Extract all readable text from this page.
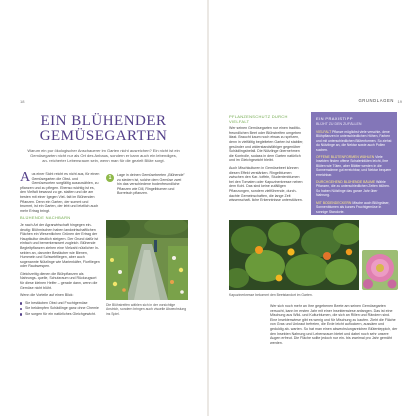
18
EIN BLÜHENDER
GEMÜSEGARTEN

Warum ein pur ökologischer Anschauerer im Garten nicht ausreichen? Ein nicht ist ein Gemüsegarten nicht nur als Ort des Anbaus, sondern er kann auch ein lebendiges, an- reicherter Lebensraum sein, wenn man für die gezielt Blüte sorgt.

Aus einer Sicht reicht es nicht aus, für einen Gemüsegarten die Obst- und Gemüsesorten sorgfältig auszuwählen, zu pflanzen und zu pflegen. Ebenso wichtig ist es, den Vielfalt bewusst zu ge- stalten und die am besten mit einer Igegen Viel- falt im Blühenden Pflanzen. Denn ein Garten, der summt und brummt, ist ein Garten, der lebt und letztlich auch mehr Ertrag bringt.

BLÜHENDE NACHBARN

Je nach Art der Agrarwirtschaft hingegen ein- deutig: Blühmischen haben landwirtschaftlichen Flächen ein Wesentlichen Grünen der Ertrag der Hauptkultur deutlich steigern. Der Grund dafür ist einfach und bemerkenswert zugleich. Blühende Begleitpflanzen ziehen eine Vielzahl nützlicher In- sekten an, darunter Bestäuber wie Bienen, Hummeln und Schwebfliegen, aber auch sogenannte Nützlinge wie Marienkäfer, Florfliegen oder Raubwespen.

Gleichzeitig dienen die Blühpflanzen als Nahrungs- quelle, Schutzraum und Rückzugsort für diese kleinen Helfer – gerade dann, wenn die Gemüse nicht blüht.

Wenn die Vorteile auf einen Blick:

Sie bestäuben Obst und Fruchtgemüse
Sie bekämpfen Schädlinge ganz ohne Chemie
Sie sorgen für ein natürliches Gleichgewicht.
1	Lage in deinen Gemüsebeeten „Blühende" zu siedern ist, solche dem Gemüse zwei hin das verschiedene bodenfreundliche Pflanzen wie Dill, Ringelblumen und Borretsch pflanzen.

Die Blühstreifen wählen sich in der vorsichtige Anstrich, sondern bringen auch visuelle Abwechslung ins Spiel.
GRUNDLAGEN 19
PFLANZENSCHUTZ DURCH VIELFALT

Wer seinen Gemüsegarten nur einen traditio- freundlichen Beet oder Blühstreifen umgeben lässt. Braucht kaum noch etwas zu spritzen, denn in vielfältig begleiteten Garten ist stabiler, gesünder und widerstandsfähiger gegenüber Schädlingsbefall. Die Nützlinge übernehmen die Kontrolle, sodass in dem Garten natürlich und im Gleichgewicht bleibt.

Auch Mischkulturen in Gemüsebeet können diesen Effekt verstärken. Ringelblumen zwischen den Kar- toffeln, Studentenblumen bei den Tomaten oder Kapuzinerkresse neben dem Kohl. Das sind keine zufälligen Pflanzungen, sondern zielführende, durch- dachte Gemeinschaften, die lange Zeit wissenschaft- liche Erkenntnisse unterstützen.

EIN PRAXISTIPP
BLÜHT ZU DEN ZUFÄLLEN

VIELFALT Pflanze möglichst viele verschie- dene Blühpflanzen in unterschiedlichen Höhen, Farben und mit unterschiedlichen Blütenformen. So ziehst du Nützlinge an, die Nektar sowie auch Pollen suchen.

OFFENE BLÜTENFORMEN WÄHLEN Viele Insekten finden offene Schalenblüten leicht, ihre Blüten wie Tüten, aber Blätter werden in die Sonnenwärme gut erreichbar, und Nektar bequem erreichbar.

DURCHGEHEND BLÜHENDE BÄUME Wähle Pflanzen, die zu unterschiedlichen Zeiten blühen. So haben Nützlinge das ganze Jahr über Nahrung.

MIT BODENDECKERN Mische auch Blühgräser, Sonnenblumen als kurzes Fruchtgemüse in sonnige Standorte.

Kapuzinerkresse bekommt den Beetstandort im Garten.

Wer sich noch mehr an Ihre gegebenen Beete am seinen Gemüsegarten versucht, kann im ersten Jahr mit einer Insektenwiese anfangen. Das ist eine Mischung aus Wild- und Kulturblumen, die sich an Rillen und Rändern sind. Eine Insektenwiese gibt es wenig und für Mischung zu kaufen. Zieht die Fläche von Gras und Unkraut befreien, die Erde leicht auflockern, aussäen und geduldig ab- warten. So hat man einen abwechslungsreichen Blütenteppich, der den Insekten Nahrung und Lebensraum bietet und dabei noch sehr unsere Augen erfreut. Die Fläche sollte jedoch nur ein- bis zweimal pro Jahr gemäht werden.
